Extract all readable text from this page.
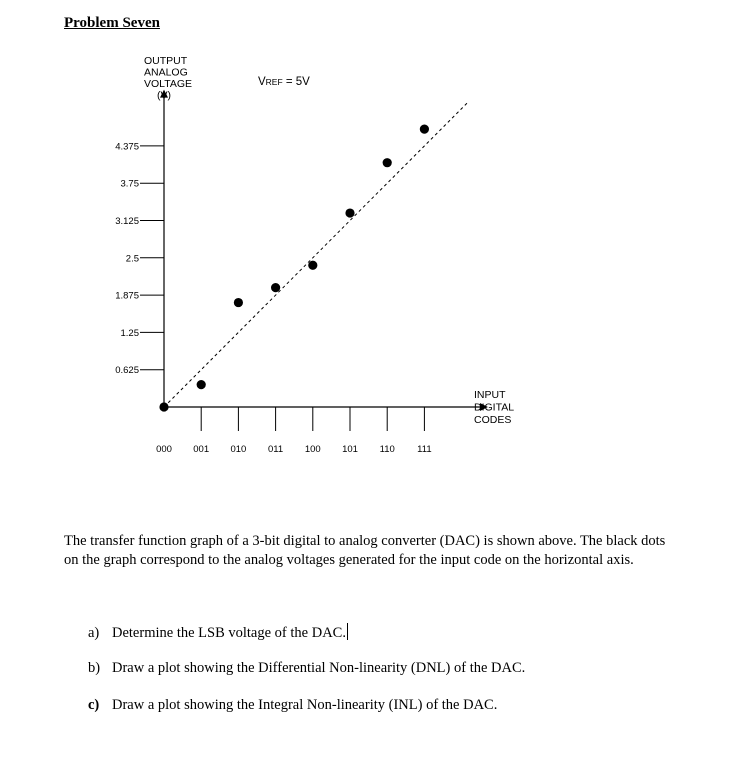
Problem Seven
0.625
1.25
1.875
2.5
3.125
3.75
4.375
000 001 010 011 100 101 110 111
OUTPUT
ANALOG
VOLTAGE
(V)
INPUT
DIGITAL
CODES
VREF = 5V

The transfer function graph of a 3-bit digital to analog converter (DAC) is shown above. The black dots on the graph correspond to the analog voltages generated for the input code on the horizontal axis.

a) Determine the LSB voltage of the DAC.

b) Draw a plot showing the Differential Non-linearity (DNL) of the DAC.

c) Draw a plot showing the Integral Non-linearity (INL) of the DAC.
